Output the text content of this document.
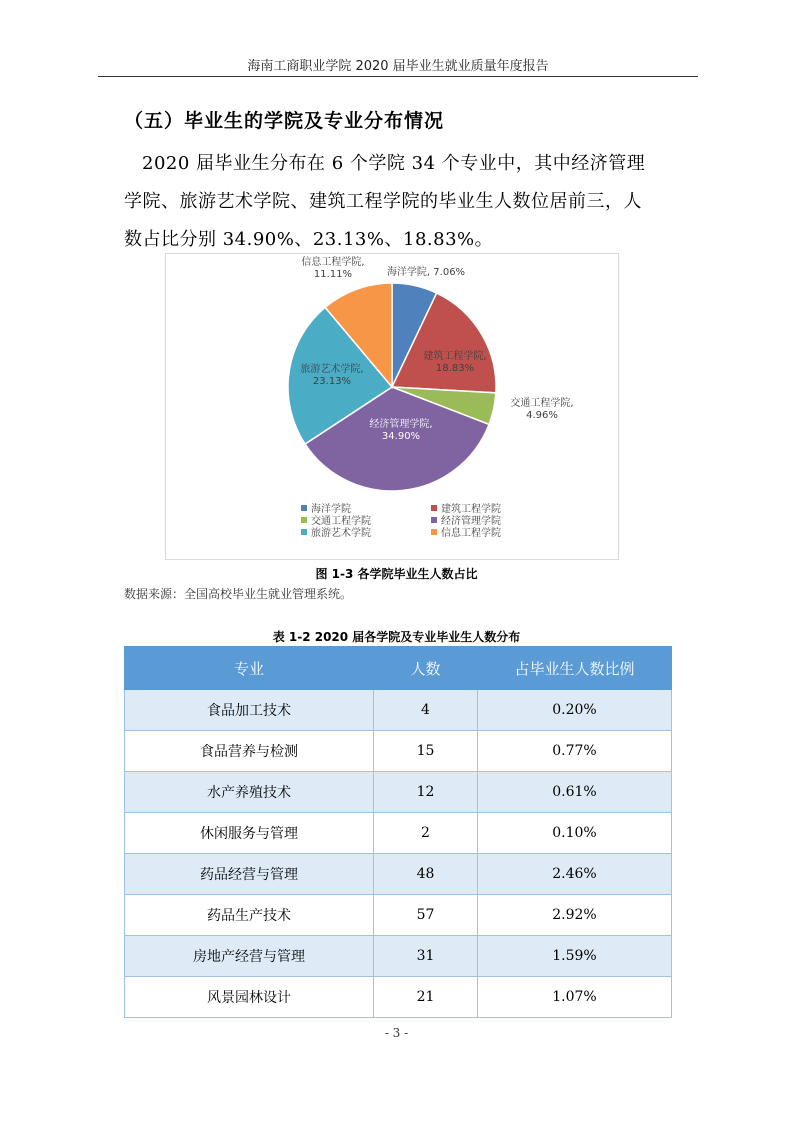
海南工商职业学院 2020 届毕业生就业质量年度报告
（五）毕业生的学院及专业分布情况
2020 届毕业生分布在 6 个学院 34 个专业中，其中经济管理
学院、旅游艺术学院、建筑工程学院的毕业生人数位居前三，人
数占比分别 34.90%、23.13%、18.83%。
海洋学院, 7.06%
建筑工程学院,
18.83%
交通工程学院,
4.96%
经济管理学院,
34.90%
旅游艺术学院,
23.13%
信息工程学院,
11.11%
海洋学院	建筑工程学院
交通工程学院	经济管理学院
旅游艺术学院	信息工程学院
图 1-3 各学院毕业生人数占比
数据来源：全国高校毕业生就业管理系统。
表 1-2 2020 届各学院及专业毕业生人数分布
专业	人数	占毕业生人数比例
食品加工技术	4	0.20%
食品营养与检测	15	0.77%
水产养殖技术	12	0.61%
休闲服务与管理	2	0.10%
药品经营与管理	48	2.46%
药品生产技术	57	2.92%
房地产经营与管理	31	1.59%
风景园林设计	21	1.07%
- 3 -
